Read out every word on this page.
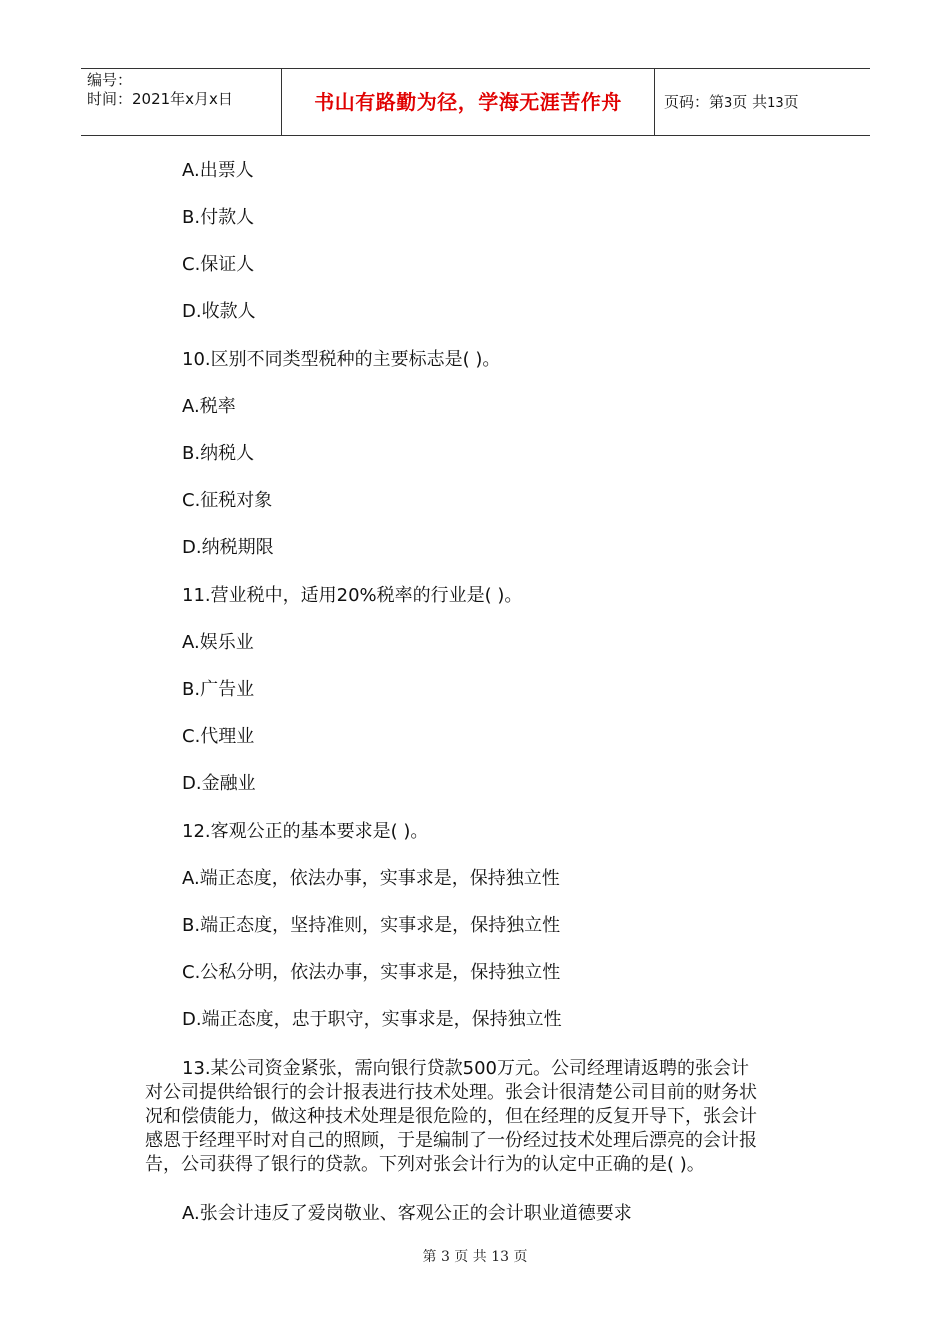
编号：
时间：2021年x月x日	书山有路勤为径，学海无涯苦作舟	页码：第3页 共13页
A.出票人
B.付款人
C.保证人
D.收款人
10.区别不同类型税种的主要标志是( )。
A.税率
B.纳税人
C.征税对象
D.纳税期限
11.营业税中，适用20%税率的行业是( )。
A.娱乐业
B.广告业
C.代理业
D.金融业
12.客观公正的基本要求是( )。
A.端正态度，依法办事，实事求是，保持独立性
B.端正态度，坚持准则，实事求是，保持独立性
C.公私分明，依法办事，实事求是，保持独立性
D.端正态度，忠于职守，实事求是，保持独立性
13.某公司资金紧张，需向银行贷款500万元。公司经理请返聘的张会计
对公司提供给银行的会计报表进行技术处理。张会计很清楚公司目前的财务状
况和偿债能力，做这种技术处理是很危险的，但在经理的反复开导下，张会计
感恩于经理平时对自己的照顾，于是编制了一份经过技术处理后漂亮的会计报
告，公司获得了银行的贷款。下列对张会计行为的认定中正确的是( )。
A.张会计违反了爱岗敬业、客观公正的会计职业道德要求
第 3 页 共 13 页
